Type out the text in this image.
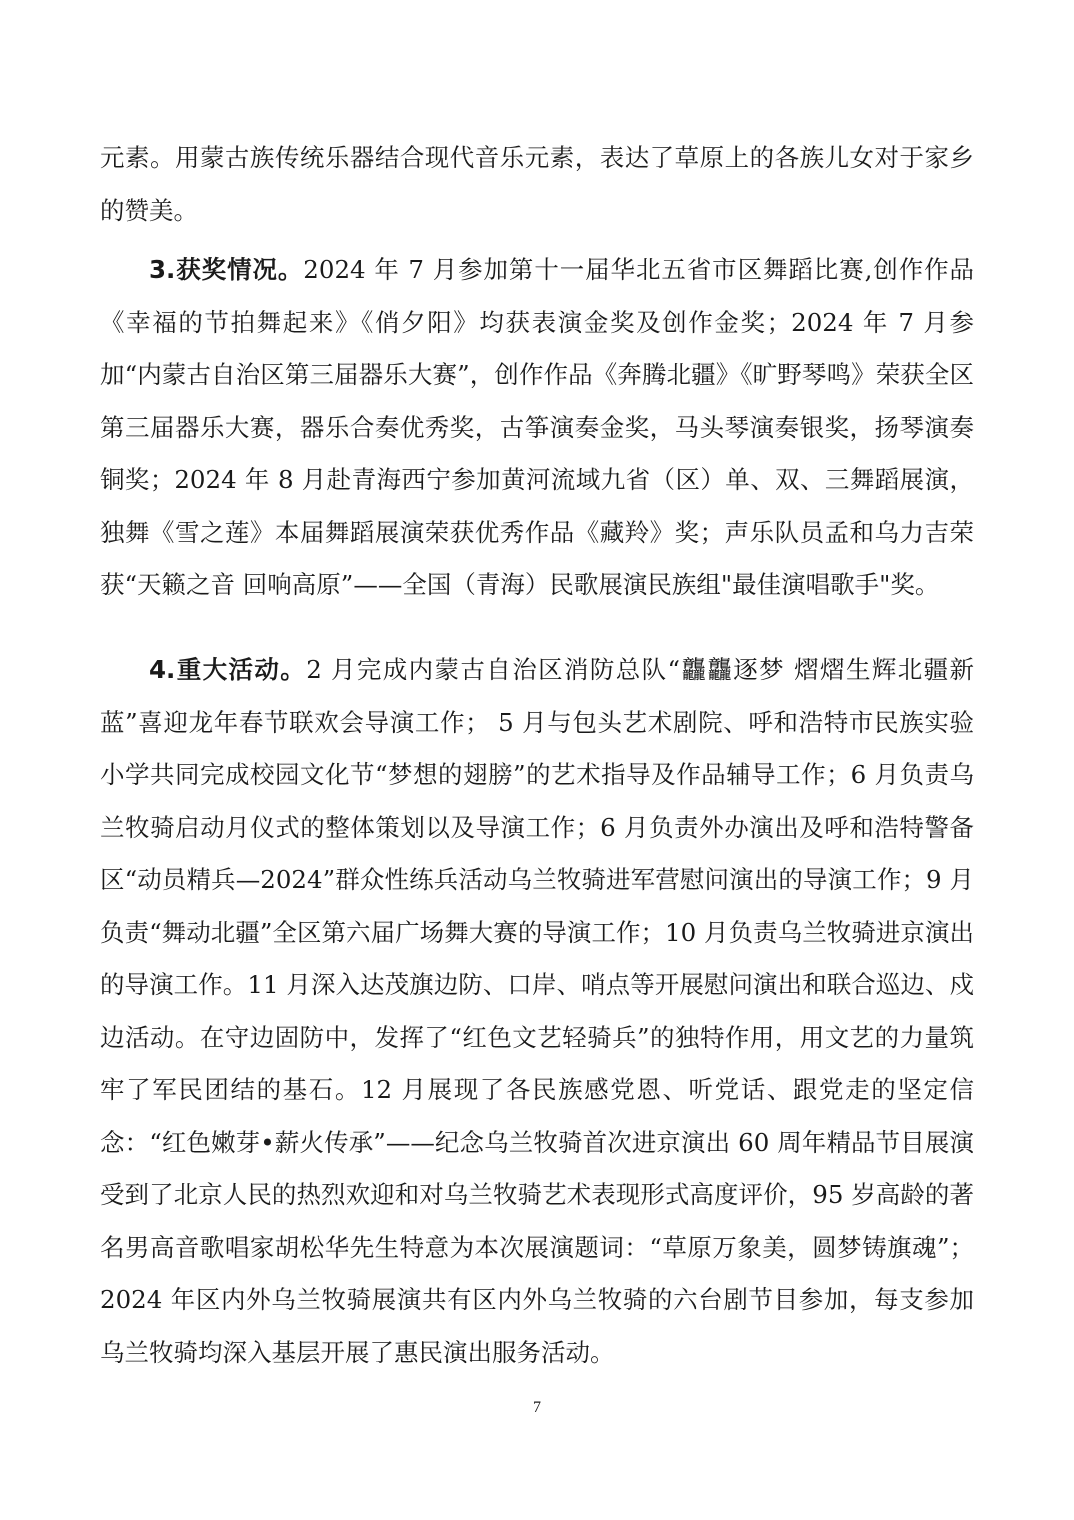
元素。用蒙古族传统乐器结合现代音乐元素，表达了草原上的各族儿女对于家乡的赞美。

3.获奖情况。2024 年 7 月参加第十一届华北五省市区舞蹈比赛,创作作品《幸福的节拍舞起来》《俏夕阳》均获表演金奖及创作金奖；2024 年 7 月参加“内蒙古自治区第三届器乐大赛”，创作作品《奔腾北疆》《旷野琴鸣》荣获全区第三届器乐大赛，器乐合奏优秀奖，古筝演奏金奖，马头琴演奏银奖，扬琴演奏铜奖；2024 年 8 月赴青海西宁参加黄河流域九省（区）单、双、三舞蹈展演，独舞《雪之莲》本届舞蹈展演荣获优秀作品《藏羚》奖；声乐队员孟和乌力吉荣获“天籁之音 回响高原”——全国（青海）民歌展演民族组"最佳演唱歌手"奖。

4.重大活动。2 月完成内蒙古自治区消防总队“龘龘逐梦 熠熠生辉北疆新蓝”喜迎龙年春节联欢会导演工作； 5 月与包头艺术剧院、呼和浩特市民族实验小学共同完成校园文化节“梦想的翅膀”的艺术指导及作品辅导工作；6 月负责乌兰牧骑启动月仪式的整体策划以及导演工作；6 月负责外办演出及呼和浩特警备区“动员精兵—2024”群众性练兵活动乌兰牧骑进军营慰问演出的导演工作；9 月负责“舞动北疆”全区第六届广场舞大赛的导演工作；10 月负责乌兰牧骑进京演出的导演工作。11 月深入达茂旗边防、口岸、哨点等开展慰问演出和联合巡边、戍边活动。在守边固防中，发挥了“红色文艺轻骑兵”的独特作用，用文艺的力量筑牢了军民团结的基石。12 月展现了各民族感党恩、听党话、跟党走的坚定信念：“红色嫩芽•薪火传承”——纪念乌兰牧骑首次进京演出 60 周年精品节目展演受到了北京人民的热烈欢迎和对乌兰牧骑艺术表现形式高度评价，95 岁高龄的著名男高音歌唱家胡松华先生特意为本次展演题词：“草原万象美，圆梦铸旗魂”；2024 年区内外乌兰牧骑展演共有区内外乌兰牧骑的六台剧节目参加，每支参加乌兰牧骑均深入基层开展了惠民演出服务活动。

7
